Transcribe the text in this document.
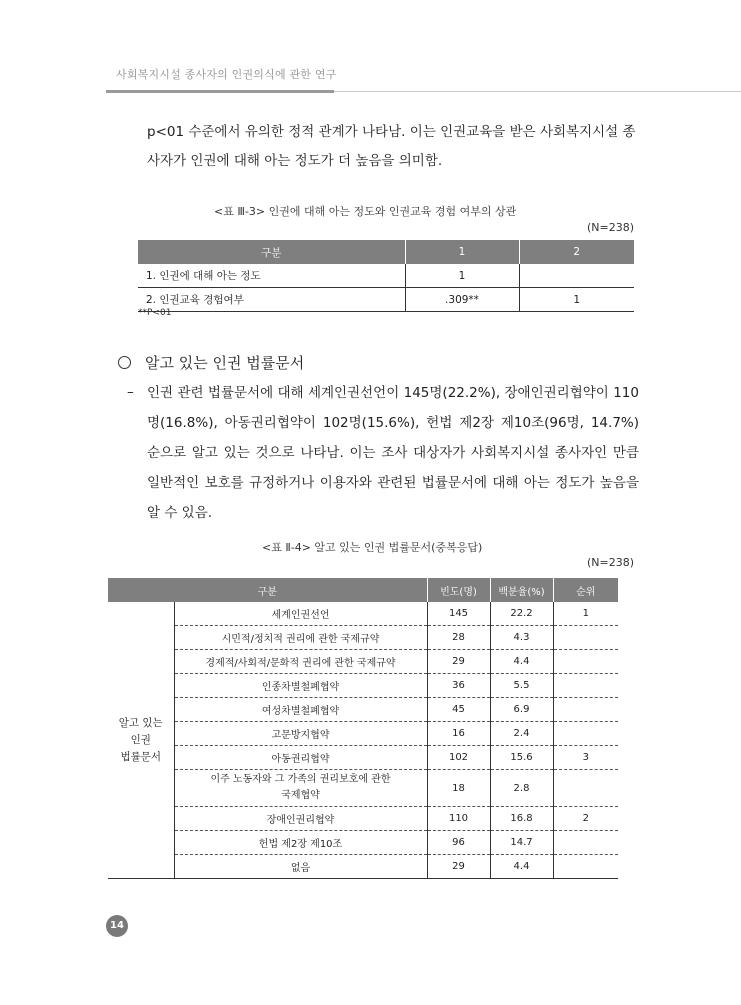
사회복지시설 종사자의 인권의식에 관한 연구
p<01 수준에서 유의한 정적 관계가 나타남. 이는 인권교육을 받은 사회복지시설 종사자가 인권에 대해 아는 정도가 더 높음을 의미함.
<표 Ⅲ-3> 인권에 대해 아는 정도와 인권교육 경험 여부의 상관
(N=238)
구분	1	2
1. 인권에 대해 아는 정도	1	
2. 인권교육 경험여부	.309**	1
**P<01
알고 있는 인권 법률문서
– 인권 관련 법률문서에 대해 세계인권선언이 145명(22.2%), 장애인권리협약이 110명(16.8%), 아동권리협약이 102명(15.6%), 헌법 제2장 제10조(96명, 14.7%) 순으로 알고 있는 것으로 나타남. 이는 조사 대상자가 사회복지시설 종사자인 만큼 일반적인 보호를 규정하거나 이용자와 관련된 법률문서에 대해 아는 정도가 높음을 알 수 있음.
<표 Ⅱ-4> 알고 있는 인권 법률문서(중복응답)
(N=238)
구분		빈도(명)	백분율(%)	순위

알고 있는
인권
법률문서	세계인권선언	145	22.2	1
	시민적/정치적 권리에 관한 국제규약	28	4.3	
	경제적/사회적/문화적 권리에 관한 국제규약	29	4.4	
	인종차별철폐협약	36	5.5	
	여성차별철폐협약	45	6.9	
	고문방지협약	16	2.4	
	아동권리협약	102	15.6	3

	이주 노동자와 그 가족의 권리보호에 관한
국제협약	18	2.8	
	장애인권리협약	110	16.8	2
	헌법 제2장 제10조	96	14.7	
	없음	29	4.4	
14
